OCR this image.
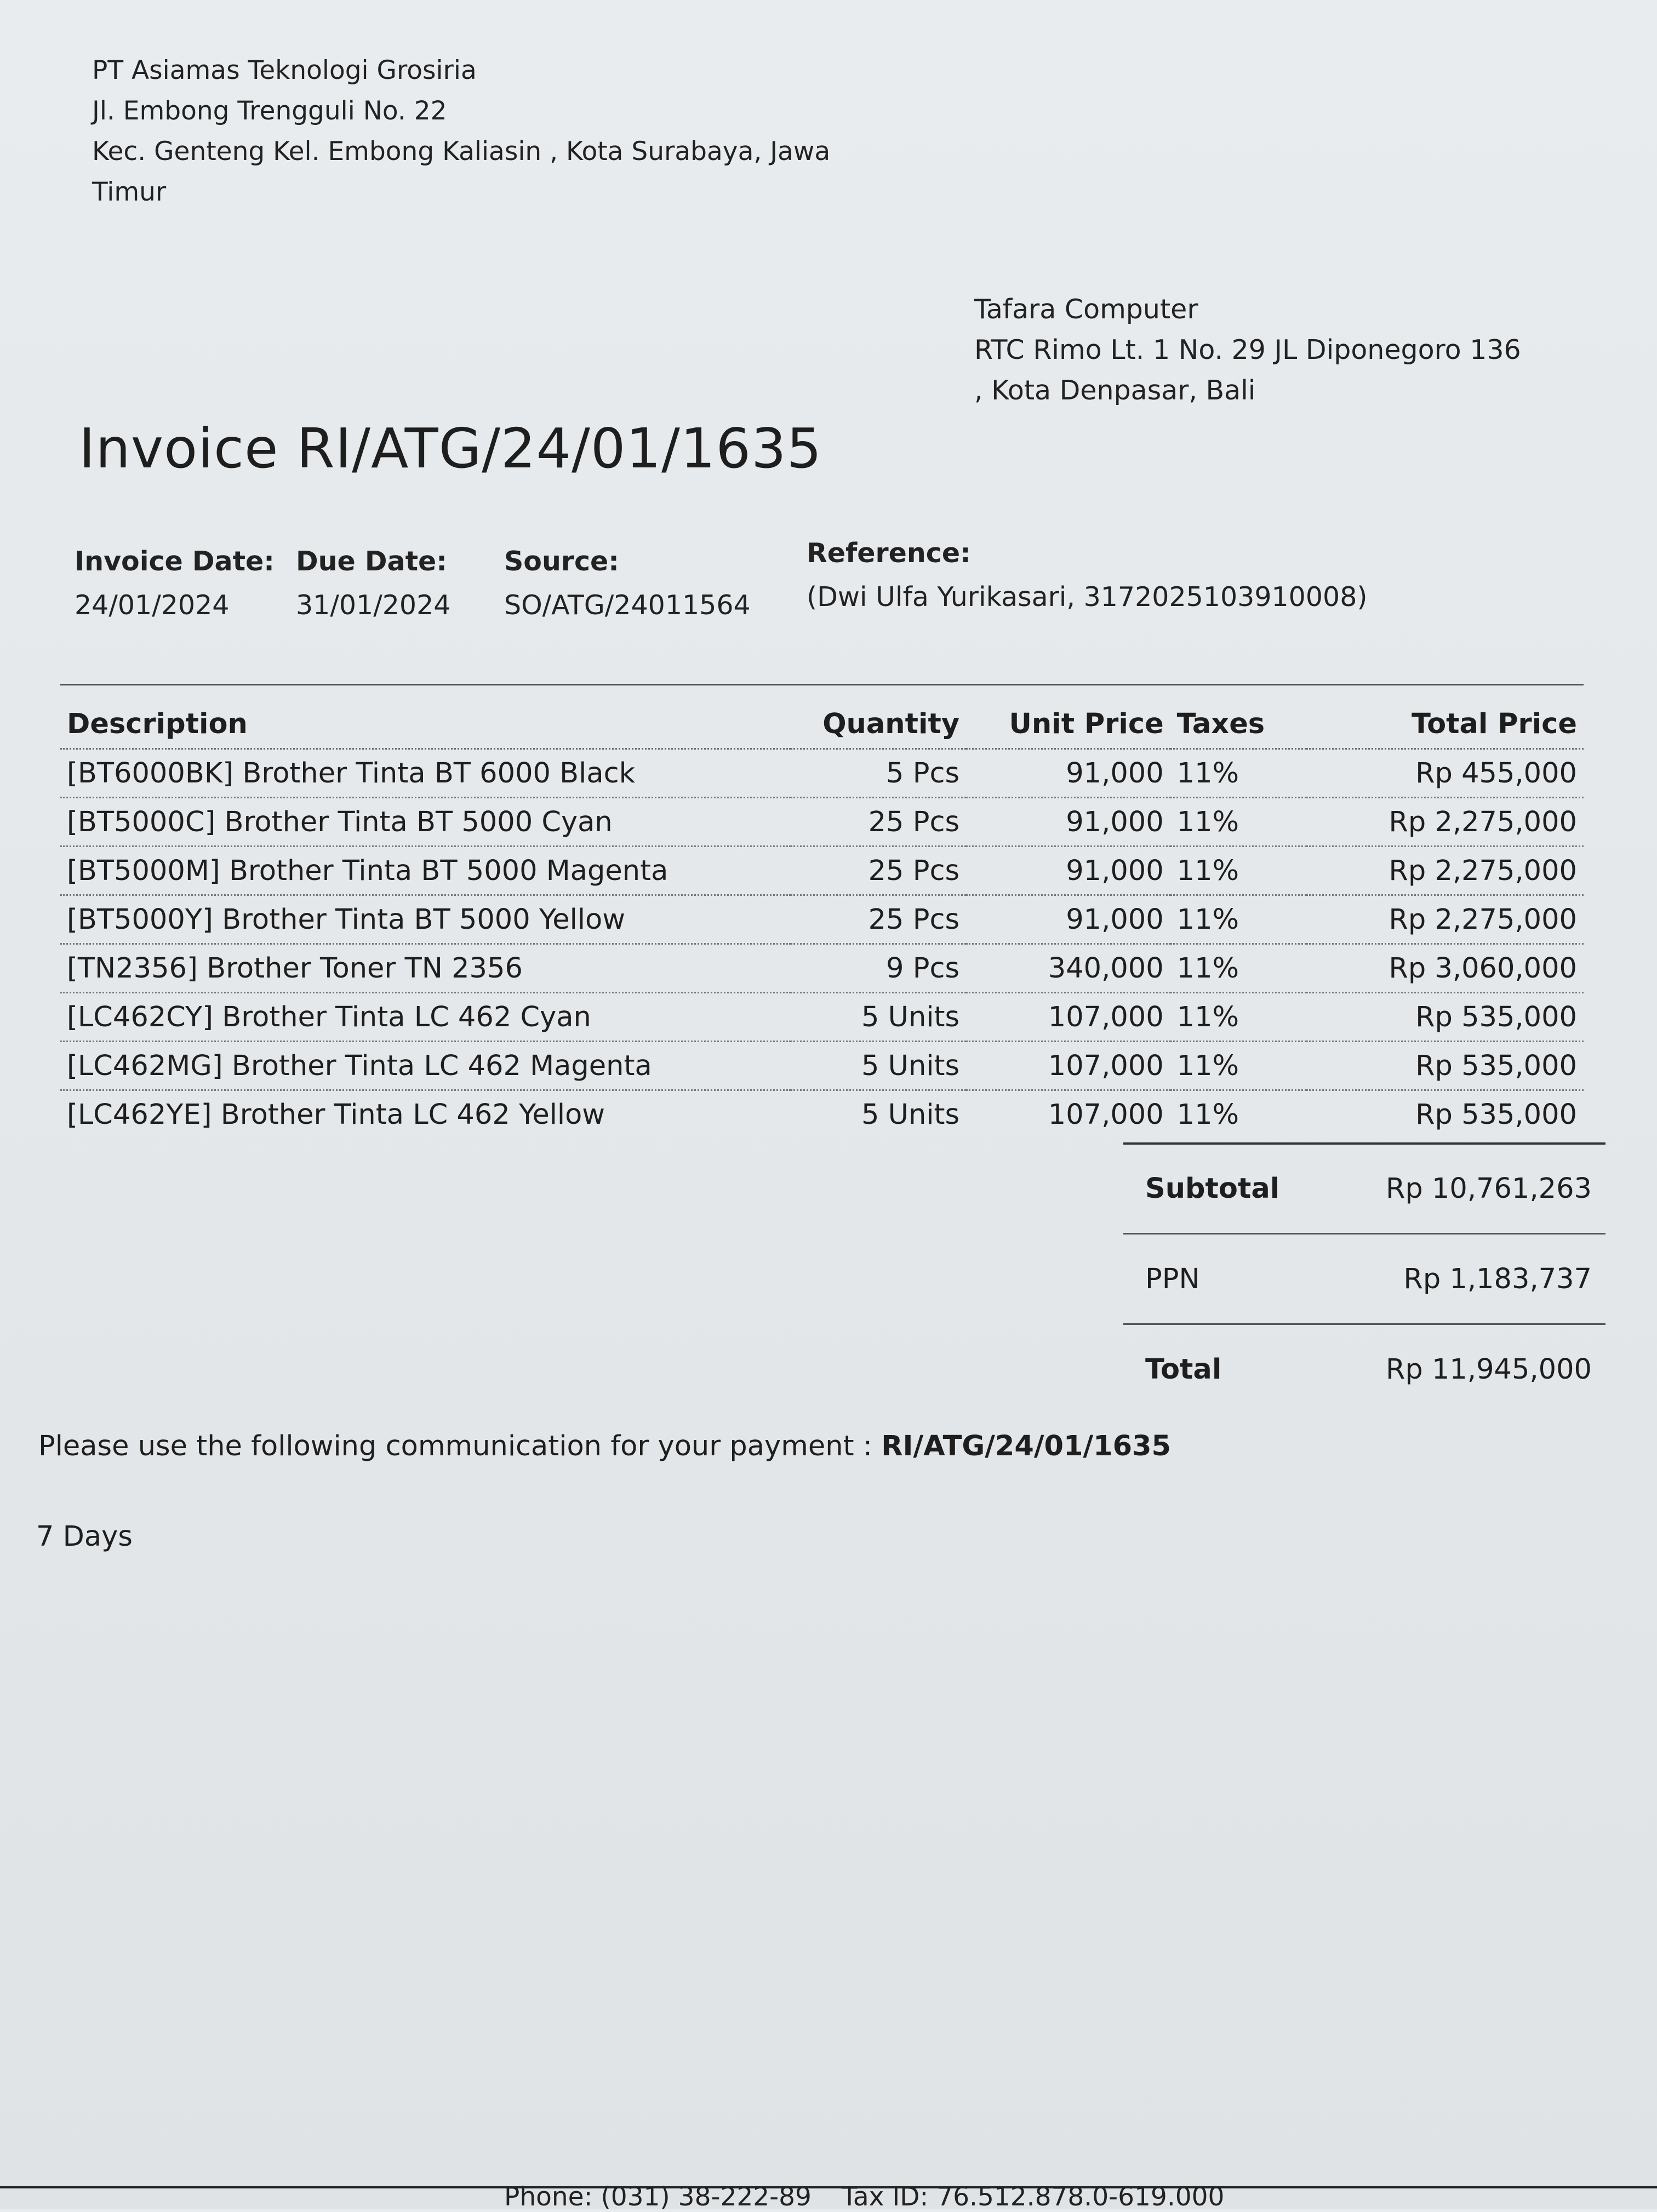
PT Asiamas Teknologi Grosiria
Jl. Embong Trengguli No. 22
Kec. Genteng Kel. Embong Kaliasin , Kota Surabaya, Jawa
Timur
Tafara Computer
RTC Rimo Lt. 1 No. 29 JL Diponegoro 136
, Kota Denpasar, Bali
Invoice RI/ATG/24/01/1635
Invoice Date:
24/01/2024
Due Date:
31/01/2024
Source:
SO/ATG/24011564
Reference:
(Dwi Ulfa Yurikasari, 3172025103910008)
Description	Quantity	Unit Price	Taxes	Total Price
[BT6000BK] Brother Tinta BT 6000 Black	5 Pcs	91,000	11%	Rp 455,000
[BT5000C] Brother Tinta BT 5000 Cyan	25 Pcs	91,000	11%	Rp 2,275,000
[BT5000M] Brother Tinta BT 5000 Magenta	25 Pcs	91,000	11%	Rp 2,275,000
[BT5000Y] Brother Tinta BT 5000 Yellow	25 Pcs	91,000	11%	Rp 2,275,000
[TN2356] Brother Toner TN 2356	9 Pcs	340,000	11%	Rp 3,060,000
[LC462CY] Brother Tinta LC 462 Cyan	5 Units	107,000	11%	Rp 535,000
[LC462MG] Brother Tinta LC 462 Magenta	5 Units	107,000	11%	Rp 535,000
[LC462YE] Brother Tinta LC 462 Yellow	5 Units	107,000	11%	Rp 535,000
Subtotal	Rp 10,761,263
PPN	Rp 1,183,737
Total	Rp 11,945,000
Please use the following communication for your payment : RI/ATG/24/01/1635
7 Days
Phone: (031) 38-222-89 Tax ID: 76.512.878.0-619.000
